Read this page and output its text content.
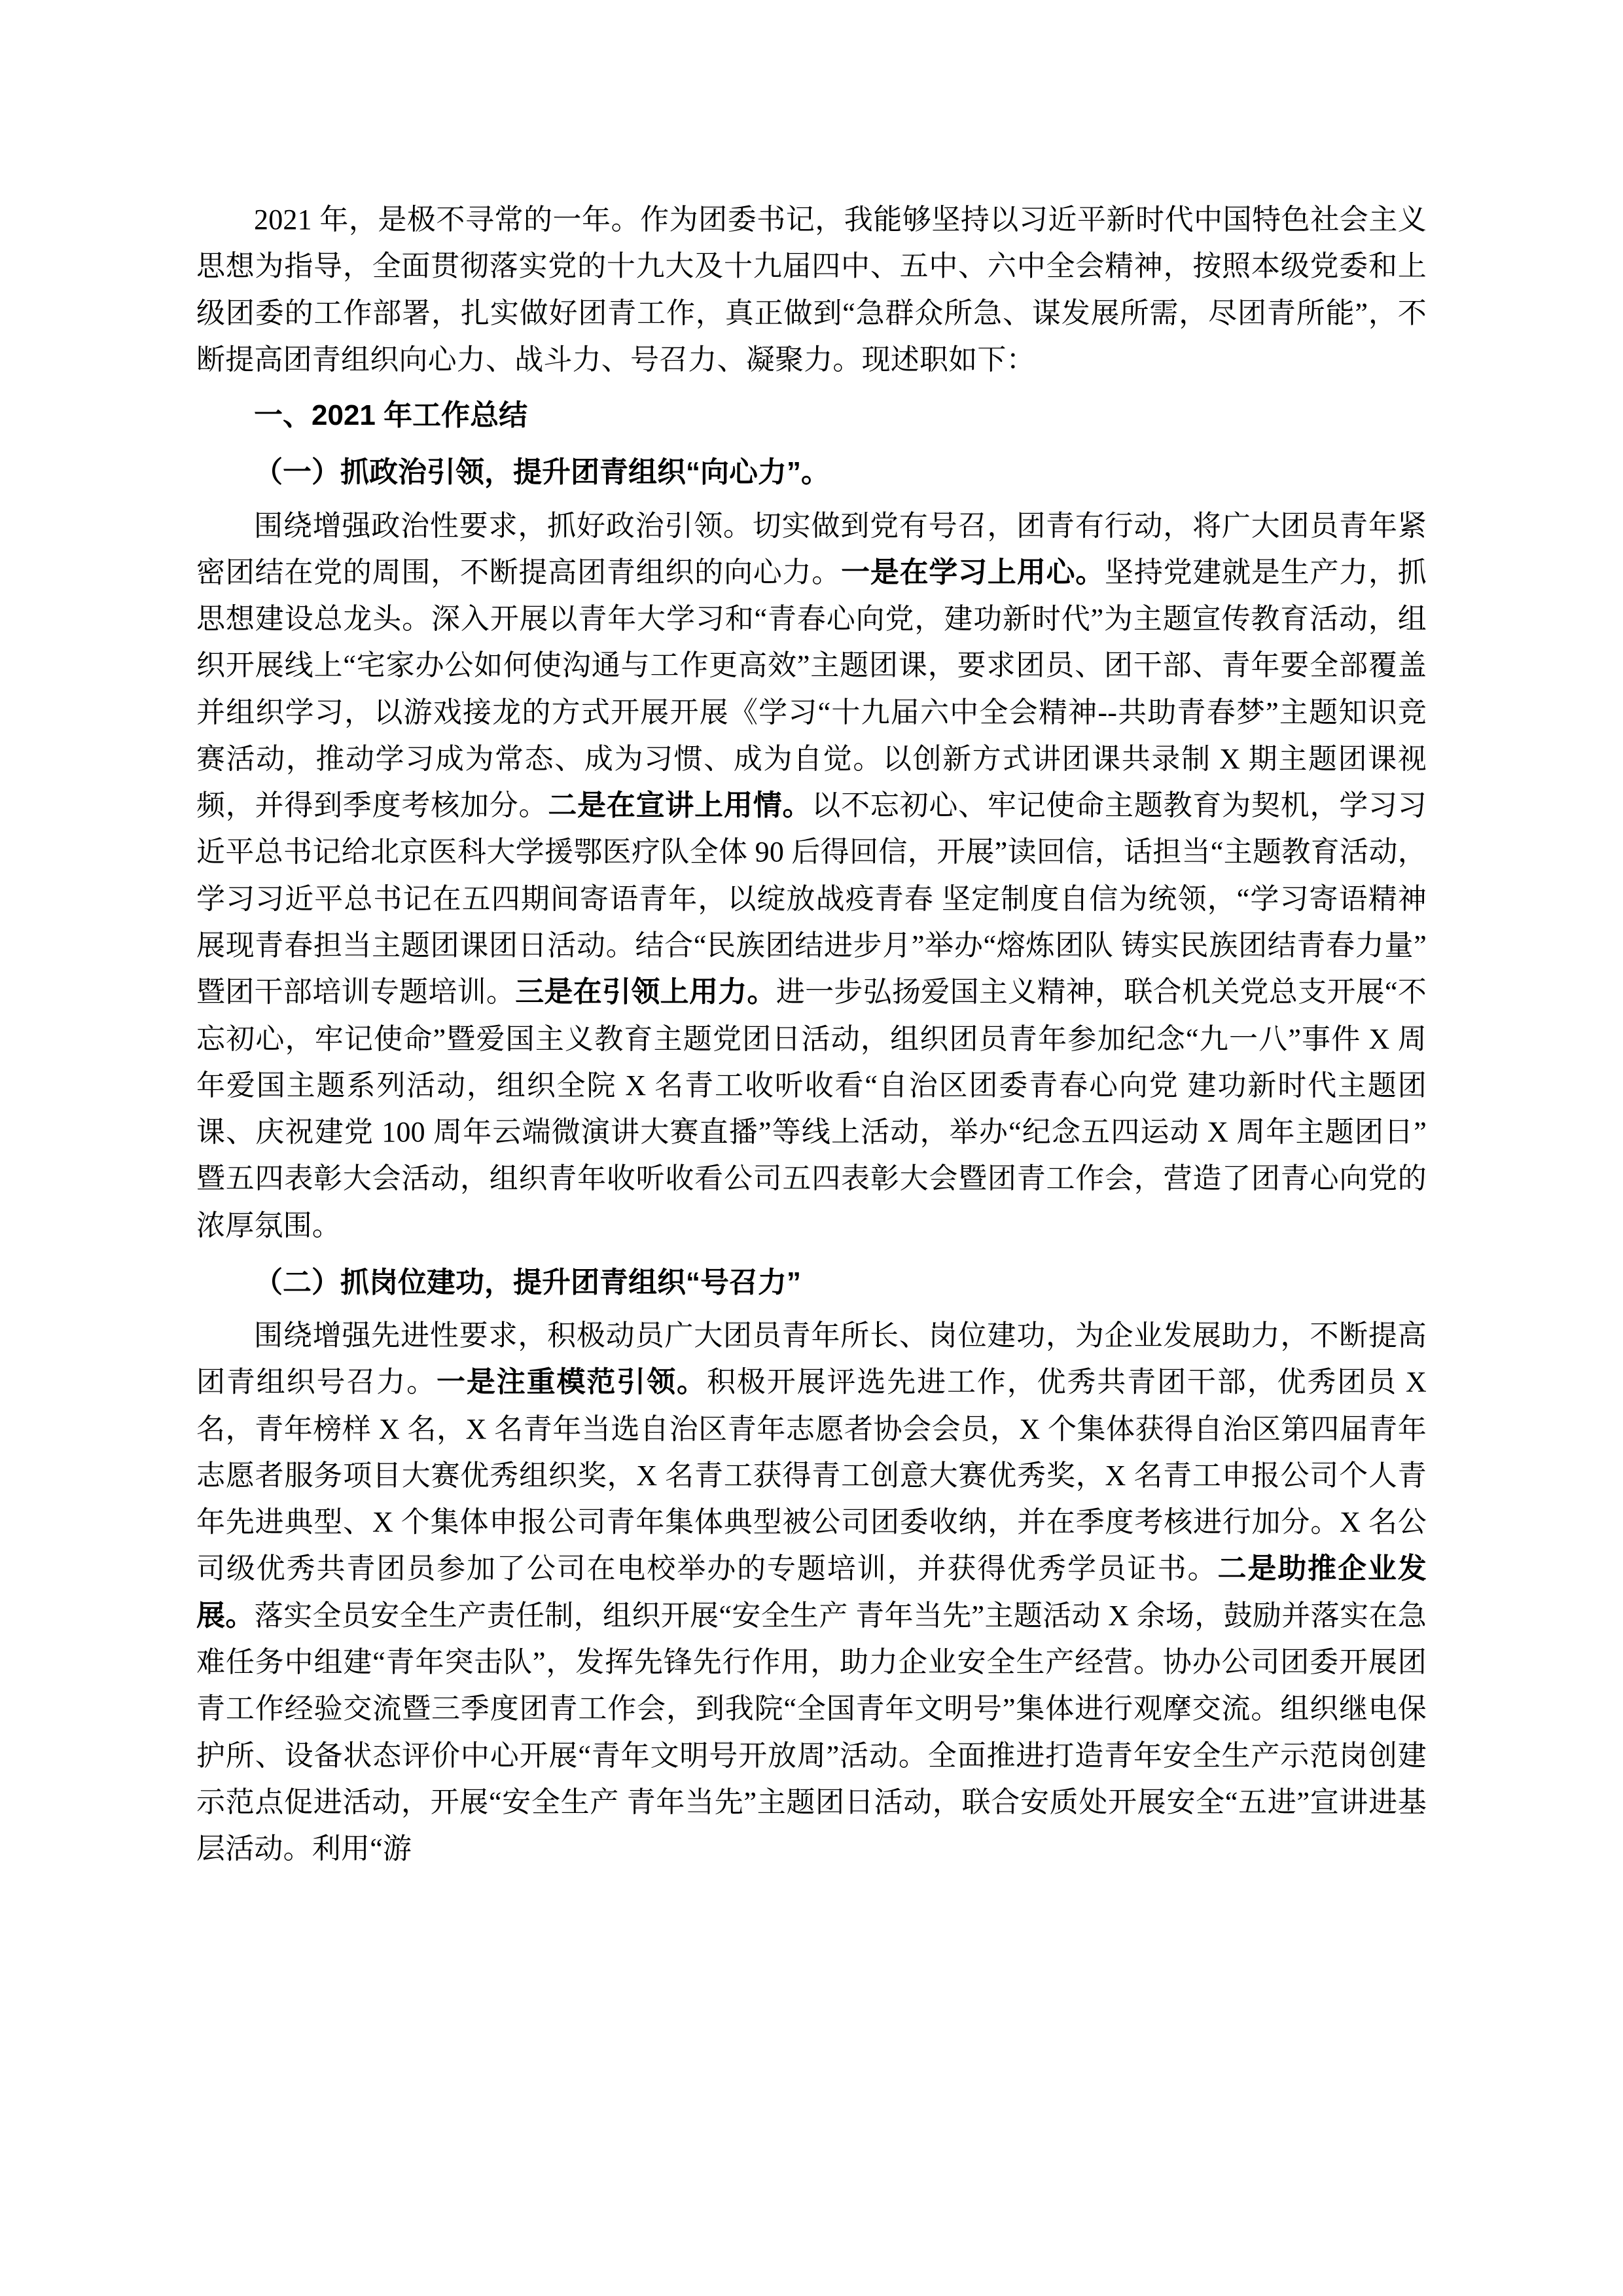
2021 年，是极不寻常的一年。作为团委书记，我能够坚持以习近平新时代中国特色社会主义思想为指导，全面贯彻落实党的十九大及十九届四中、五中、六中全会精神，按照本级党委和上级团委的工作部署，扎实做好团青工作，真正做到“急群众所急、谋发展所需，尽团青所能”，不断提高团青组织向心力、战斗力、号召力、凝聚力。现述职如下：

一、2021 年工作总结
（一）抓政治引领，提升团青组织“向心力”。

围绕增强政治性要求，抓好政治引领。切实做到党有号召，团青有行动，将广大团员青年紧密团结在党的周围，不断提高团青组织的向心力。一是在学习上用心。坚持党建就是生产力，抓思想建设总龙头。深入开展以青年大学习和“青春心向党，建功新时代”为主题宣传教育活动，组织开展线上“宅家办公如何使沟通与工作更高效”主题团课，要求团员、团干部、青年要全部覆盖并组织学习，以游戏接龙的方式开展开展《学习“十九届六中全会精神--共助青春梦”主题知识竞赛活动，推动学习成为常态、成为习惯、成为自觉。以创新方式讲团课共录制 X 期主题团课视频，并得到季度考核加分。二是在宣讲上用情。以不忘初心、牢记使命主题教育为契机，学习习近平总书记给北京医科大学援鄂医疗队全体 90 后得回信，开展”读回信，话担当“主题教育活动，学习习近平总书记在五四期间寄语青年，以绽放战疫青春 坚定制度自信为统领，“学习寄语精神 展现青春担当主题团课团日活动。结合“民族团结进步月”举办“熔炼团队 铸实民族团结青春力量”暨团干部培训专题培训。三是在引领上用力。进一步弘扬爱国主义精神，联合机关党总支开展“不忘初心，牢记使命”暨爱国主义教育主题党团日活动，组织团员青年参加纪念“九一八”事件 X 周年爱国主题系列活动，组织全院 X 名青工收听收看“自治区团委青春心向党 建功新时代主题团课、庆祝建党 100 周年云端微演讲大赛直播”等线上活动，举办“纪念五四运动 X 周年主题团日”暨五四表彰大会活动，组织青年收听收看公司五四表彰大会暨团青工作会，营造了团青心向党的浓厚氛围。

（二）抓岗位建功，提升团青组织“号召力”

围绕增强先进性要求，积极动员广大团员青年所长、岗位建功，为企业发展助力，不断提高团青组织号召力。一是注重模范引领。积极开展评选先进工作，优秀共青团干部，优秀团员 X 名，青年榜样 X 名，X 名青年当选自治区青年志愿者协会会员，X 个集体获得自治区第四届青年志愿者服务项目大赛优秀组织奖，X 名青工获得青工创意大赛优秀奖，X 名青工申报公司个人青年先进典型、X 个集体申报公司青年集体典型被公司团委收纳，并在季度考核进行加分。X 名公司级优秀共青团员参加了公司在电校举办的专题培训，并获得优秀学员证书。二是助推企业发展。落实全员安全生产责任制，组织开展“安全生产 青年当先”主题活动 X 余场，鼓励并落实在急难任务中组建“青年突击队”，发挥先锋先行作用，助力企业安全生产经营。协办公司团委开展团青工作经验交流暨三季度团青工作会，到我院“全国青年文明号”集体进行观摩交流。组织继电保护所、设备状态评价中心开展“青年文明号开放周”活动。全面推进打造青年安全生产示范岗创建示范点促进活动，开展“安全生产 青年当先”主题团日活动，联合安质处开展安全“五进”宣讲进基层活动。利用“游
